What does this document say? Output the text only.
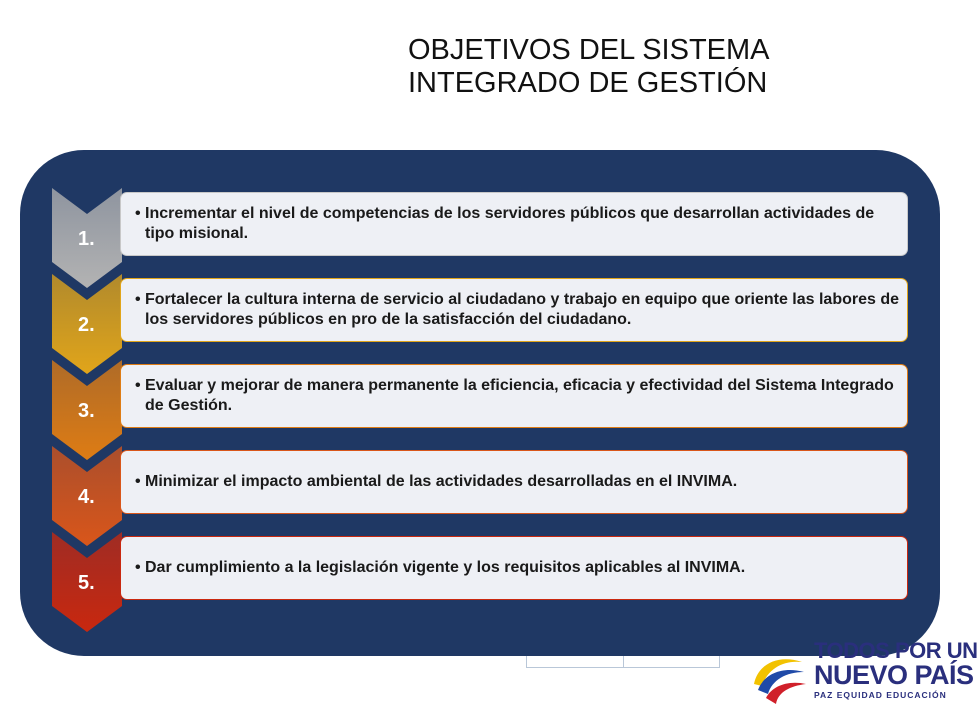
OBJETIVOS DEL SISTEMA
INTEGRADO DE GESTIÓN
1.
• Incrementar el nivel de competencias de los servidores públicos que desarrollan actividades de tipo misional.
2.
• Fortalecer la cultura interna de servicio al ciudadano y trabajo en equipo que oriente las labores de los servidores públicos en pro de la satisfacción del ciudadano.
3.
• Evaluar y mejorar de manera permanente la eficiencia, eficacia y efectividad del Sistema Integrado de Gestión.
4.
• Minimizar el impacto ambiental de las actividades desarrolladas en el INVIMA.
5.
• Dar cumplimiento a la legislación vigente y los requisitos aplicables al INVIMA.
TODOS POR UN
NUEVO PAÍS
PAZ EQUIDAD EDUCACIÓN
